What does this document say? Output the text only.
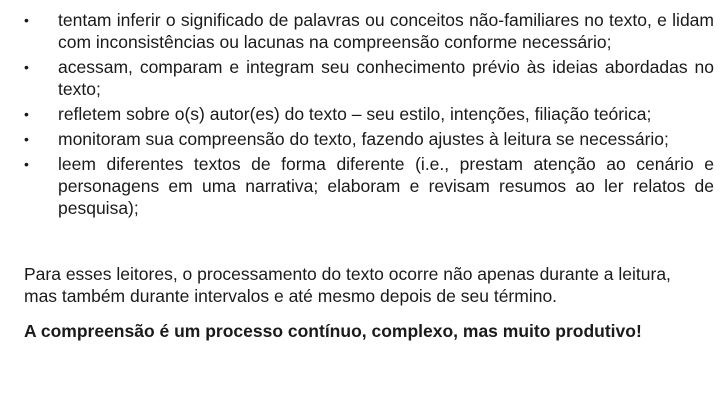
•	tentam inferir o significado de palavras ou conceitos não-familiares no texto, e lidam com inconsistências ou lacunas na compreensão conforme necessário;
•	acessam, comparam e integram seu conhecimento prévio às ideias abordadas no texto;
•	refletem sobre o(s) autor(es) do texto – seu estilo, intenções, filiação teórica;
•	monitoram sua compreensão do texto, fazendo ajustes à leitura se necessário;
•	leem diferentes textos de forma diferente (i.e., prestam atenção ao cenário e personagens em uma narrativa; elaboram e revisam resumos ao ler relatos de pesquisa);

Para esses leitores, o processamento do texto ocorre não apenas durante a leitura, mas também durante intervalos e até mesmo depois de seu término.

A compreensão é um processo contínuo, complexo, mas muito produtivo!
